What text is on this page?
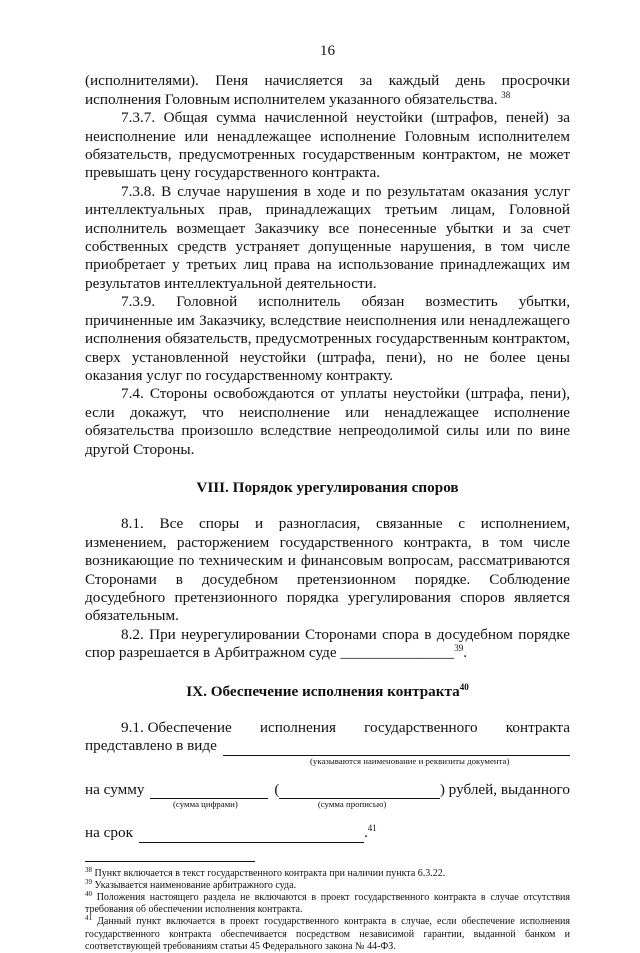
16

(исполнителями). Пеня начисляется за каждый день просрочки исполнения Головным исполнителем указанного обязательства. $^{38}$

7.3.7. Общая сумма начисленной неустойки (штрафов, пеней) за неисполнение или ненадлежащее исполнение Головным исполнителем обязательств, предусмотренных государственным контрактом, не может превышать цену государственного контракта.

7.3.8. В случае нарушения в ходе и по результатам оказания услуг интеллектуальных прав, принадлежащих третьим лицам, Головной исполнитель возмещает Заказчику все понесенные убытки и за счет собственных средств устраняет допущенные нарушения, в том числе приобретает у третьих лиц права на использование принадлежащих им результатов интеллектуальной деятельности.

7.3.9. Головной исполнитель обязан возместить убытки, причиненные им Заказчику, вследствие неисполнения или ненадлежащего исполнения обязательств, предусмотренных государственным контрактом, сверх установленной неустойки (штрафа, пени), но не более цены оказания услуг по государственному контракту.

7.4. Стороны освобождаются от уплаты неустойки (штрафа, пени), если докажут, что неисполнение или ненадлежащее исполнение обязательства произошло вследствие непреодолимой силы или по вине другой Стороны.

VIII. Порядок урегулирования споров

8.1. Все споры и разногласия, связанные с исполнением, изменением, расторжением государственного контракта, в том числе возникающие по техническим и финансовым вопросам, рассматриваются Сторонами в досудебном претензионном порядке. Соблюдение досудебного претензионного порядка урегулирования споров является обязательным.

8.2. При неурегулировании Сторонами спора в досудебном порядке спор разрешается в Арбитражном суде _______________$^{39}$.

IX. Обеспечение исполнения контракта$^{40}$
9.1. Обеспечение исполнения государственного контракта
представлено в виде
(указываются наименование и реквизиты документа)
на сумму	(	) рублей, выданного
(сумма цифрами)	(сумма прописью)
на срок	.$^{41}$

$^{38}$ Пункт включается в текст государственного контракта при наличии пункта 6.3.22.

$^{39}$ Указывается наименование арбитражного суда.

$^{40}$ Положения настоящего раздела не включаются в проект государственного контракта в случае отсутствия требования об обеспечении исполнения контракта.

$^{41}$ Данный пункт включается в проект государственного контракта в случае, если обеспечение исполнения государственного контракта обеспечивается посредством независимой гарантии, выданной банком и соответствующей требованиям статьи 45 Федерального закона № 44-ФЗ.
